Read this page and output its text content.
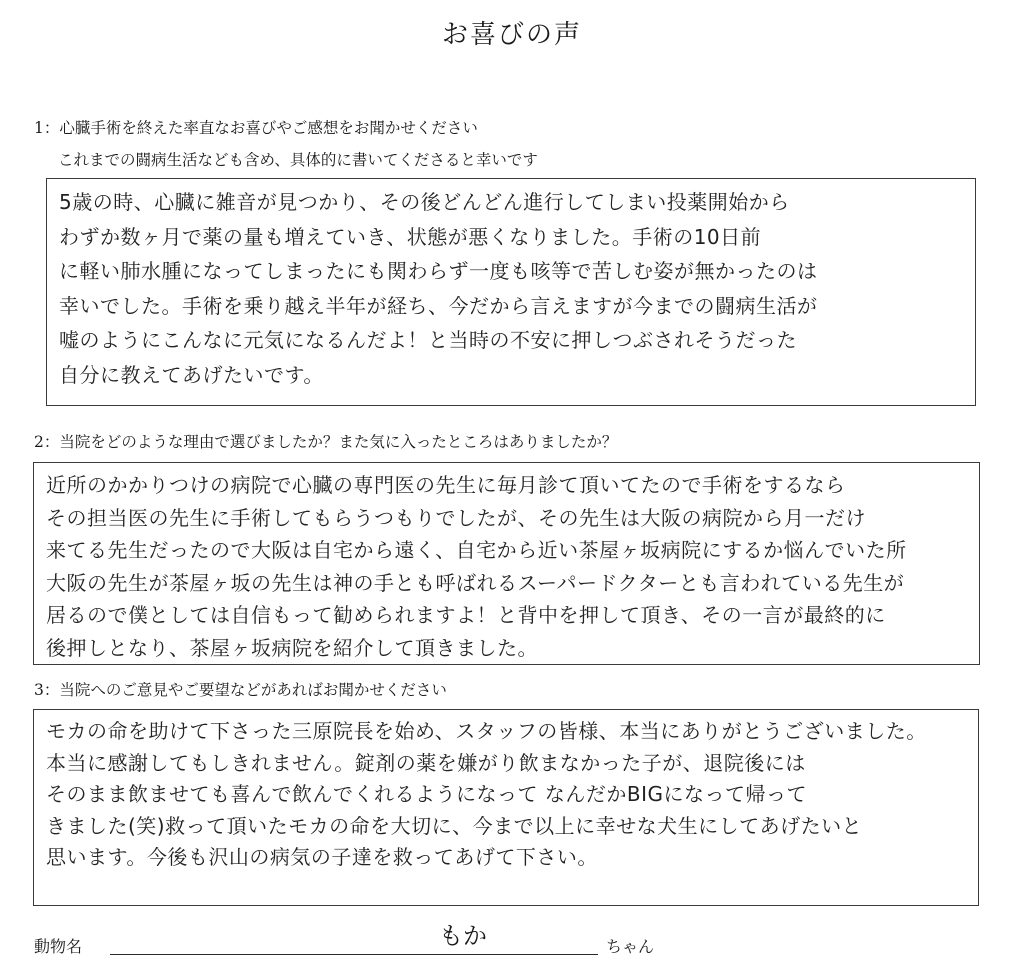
お喜びの声
1：心臓手術を終えた率直なお喜びやご感想をお聞かせください
これまでの闘病生活なども含め、具体的に書いてくださると幸いです
5歳の時、心臓に雑音が見つかり、その後どんどん進行してしまい投薬開始から
わずか数ヶ月で薬の量も増えていき、状態が悪くなりました。手術の10日前
に軽い肺水腫になってしまったにも関わらず一度も咳等で苦しむ姿が無かったのは
幸いでした。手術を乗り越え半年が経ち、今だから言えますが今までの闘病生活が
嘘のようにこんなに元気になるんだよ！と当時の不安に押しつぶされそうだった
自分に教えてあげたいです。
2：当院をどのような理由で選びましたか？また気に入ったところはありましたか？
近所のかかりつけの病院で心臓の専門医の先生に毎月診て頂いてたので手術をするなら
その担当医の先生に手術してもらうつもりでしたが、その先生は大阪の病院から月一だけ
来てる先生だったので大阪は自宅から遠く、自宅から近い茶屋ヶ坂病院にするか悩んでいた所
大阪の先生が茶屋ヶ坂の先生は神の手とも呼ばれるスーパードクターとも言われている先生が
居るので僕としては自信もって勧められますよ！と背中を押して頂き、その一言が最終的に
後押しとなり、茶屋ヶ坂病院を紹介して頂きました。
3：当院へのご意見やご要望などがあればお聞かせください
モカの命を助けて下さった三原院長を始め、スタッフの皆様、本当にありがとうございました。
本当に感謝してもしきれません。錠剤の薬を嫌がり飲まなかった子が、退院後には
そのまま飲ませても喜んで飲んでくれるようになって なんだかBIGになって帰って
きました(笑)救って頂いたモカの命を大切に、今まで以上に幸せな犬生にしてあげたいと
思います。今後も沢山の病気の子達を救ってあげて下さい。
動物名	もか	ちゃん
